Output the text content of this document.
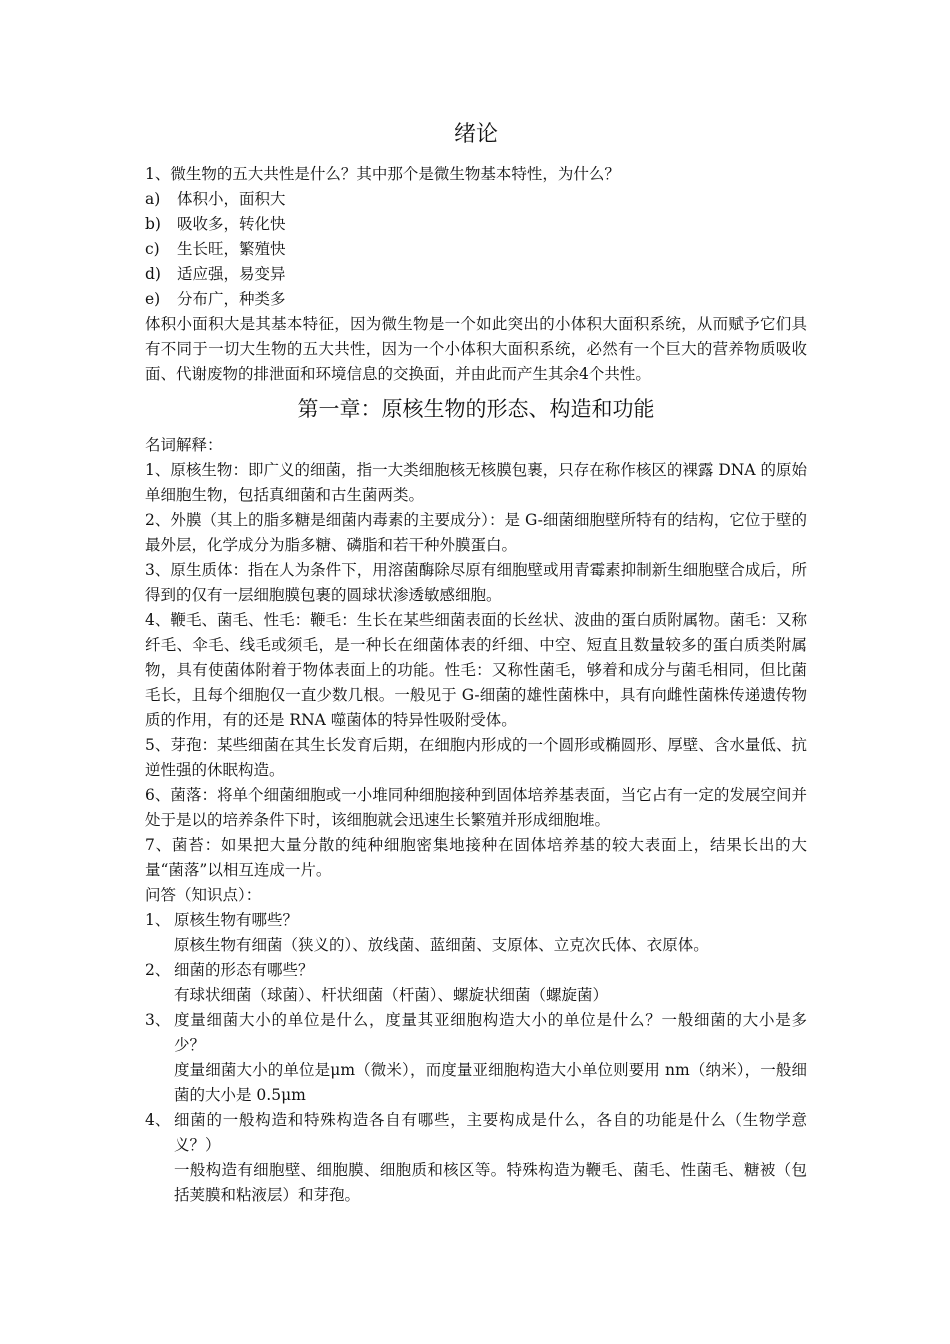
绪论

1、微生物的五大共性是什么？其中那个是微生物基本特性，为什么？

a)	体积小，面积大
b)	吸收多，转化快
c)	生长旺，繁殖快
d)	适应强，易变异
e)	分布广，种类多

体积小面积大是其基本特征，因为微生物是一个如此突出的小体积大面积系统，从而赋予它们具有不同于一切大生物的五大共性，因为一个小体积大面积系统，必然有一个巨大的营养物质吸收面、代谢废物的排泄面和环境信息的交换面，并由此而产生其余4个共性。

第一章：原核生物的形态、构造和功能

名词解释：

1、原核生物：即广义的细菌，指一大类细胞核无核膜包裹，只存在称作核区的裸露 DNA 的原始单细胞生物，包括真细菌和古生菌两类。

2、外膜（其上的脂多糖是细菌内毒素的主要成分）：是 G-细菌细胞壁所特有的结构，它位于壁的最外层，化学成分为脂多糖、磷脂和若干种外膜蛋白。

3、原生质体：指在人为条件下，用溶菌酶除尽原有细胞壁或用青霉素抑制新生细胞壁合成后，所得到的仅有一层细胞膜包裹的圆球状渗透敏感细胞。

4、鞭毛、菌毛、性毛：鞭毛：生长在某些细菌表面的长丝状、波曲的蛋白质附属物。菌毛：又称纤毛、伞毛、线毛或须毛，是一种长在细菌体表的纤细、中空、短直且数量较多的蛋白质类附属物，具有使菌体附着于物体表面上的功能。性毛：又称性菌毛，够着和成分与菌毛相同，但比菌毛长，且每个细胞仅一直少数几根。一般见于 G-细菌的雄性菌株中，具有向雌性菌株传递遗传物质的作用，有的还是 RNA 噬菌体的特异性吸附受体。

5、芽孢：某些细菌在其生长发育后期，在细胞内形成的一个圆形或椭圆形、厚壁、含水量低、抗逆性强的休眠构造。

6、菌落：将单个细菌细胞或一小堆同种细胞接种到固体培养基表面，当它占有一定的发展空间并处于是以的培养条件下时，该细胞就会迅速生长繁殖并形成细胞堆。

7、菌苔：如果把大量分散的纯种细胞密集地接种在固体培养基的较大表面上，结果长出的大量“菌落”以相互连成一片。

问答（知识点）：

1、 原核生物有哪些？
原核生物有细菌（狭义的）、放线菌、蓝细菌、支原体、立克次氏体、衣原体。
2、 细菌的形态有哪些？
有球状细菌（球菌）、杆状细菌（杆菌）、螺旋状细菌（螺旋菌）
3、 度量细菌大小的单位是什么，度量其亚细胞构造大小的单位是什么？一般细菌的大小是多少？
度量细菌大小的单位是μm（微米），而度量亚细胞构造大小单位则要用 nm（纳米），一般细菌的大小是 0.5μm
4、 细菌的一般构造和特殊构造各自有哪些，主要构成是什么，各自的功能是什么（生物学意义？）
一般构造有细胞壁、细胞膜、细胞质和核区等。特殊构造为鞭毛、菌毛、性菌毛、糖被（包括荚膜和粘液层）和芽孢。
